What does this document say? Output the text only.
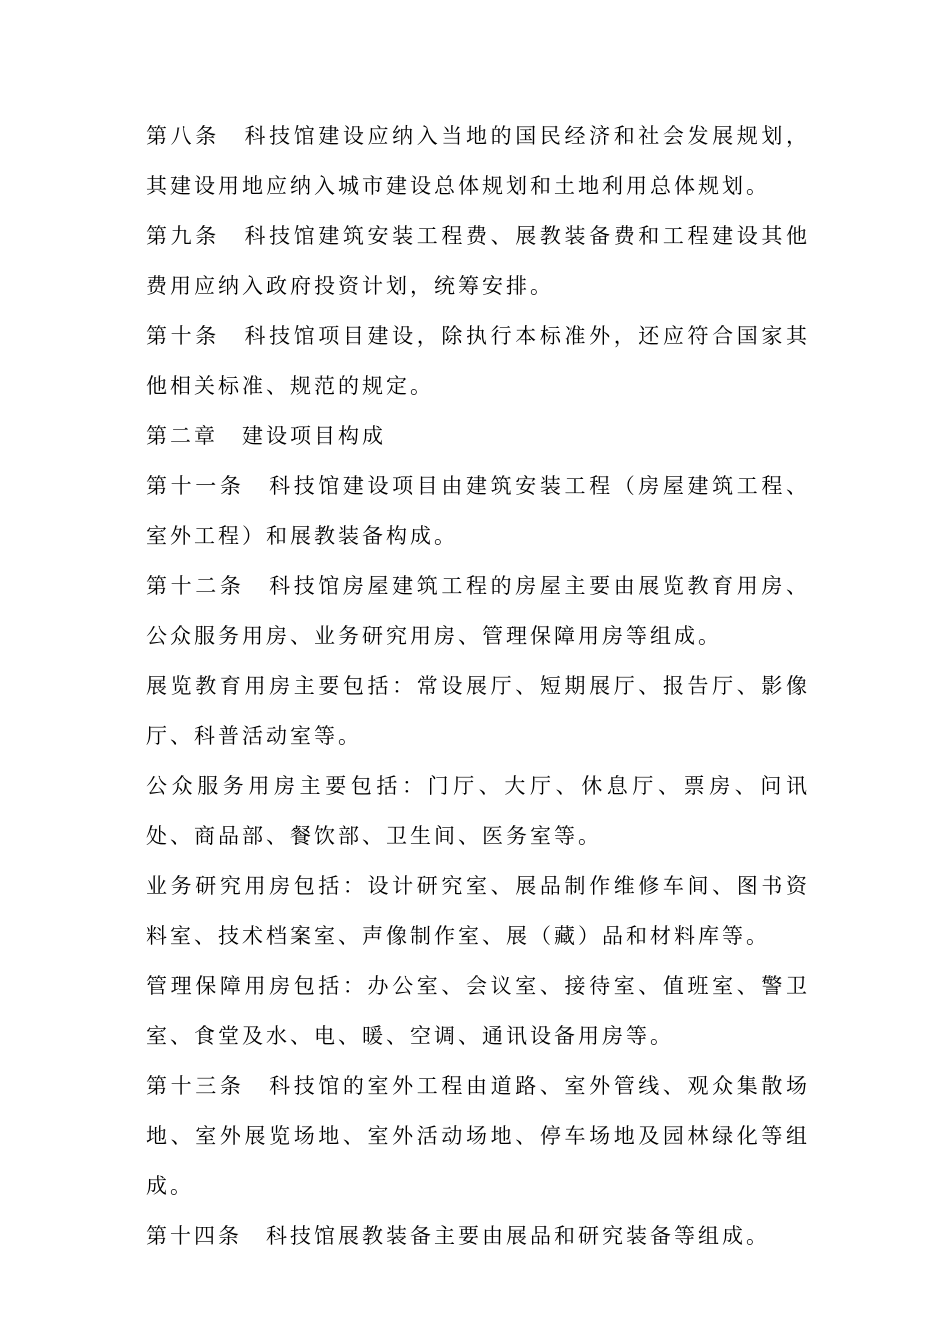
第八条　科技馆建设应纳入当地的国民经济和社会发展规划，其建设用地应纳入城市建设总体规划和土地利用总体规划。

第九条　科技馆建筑安装工程费、展教装备费和工程建设其他费用应纳入政府投资计划，统筹安排。

第十条　科技馆项目建设，除执行本标准外，还应符合国家其他相关标准、规范的规定。

第二章　建设项目构成

第十一条　科技馆建设项目由建筑安装工程（房屋建筑工程、室外工程）和展教装备构成。

第十二条　科技馆房屋建筑工程的房屋主要由展览教育用房、公众服务用房、业务研究用房、管理保障用房等组成。

展览教育用房主要包括：常设展厅、短期展厅、报告厅、影像厅、科普活动室等。

公众服务用房主要包括：门厅、大厅、休息厅、票房、问讯处、商品部、餐饮部、卫生间、医务室等。

业务研究用房包括：设计研究室、展品制作维修车间、图书资料室、技术档案室、声像制作室、展（藏）品和材料库等。

管理保障用房包括：办公室、会议室、接待室、值班室、警卫室、食堂及水、电、暖、空调、通讯设备用房等。

第十三条　科技馆的室外工程由道路、室外管线、观众集散场地、室外展览场地、室外活动场地、停车场地及园林绿化等组成。

第十四条　科技馆展教装备主要由展品和研究装备等组成。
